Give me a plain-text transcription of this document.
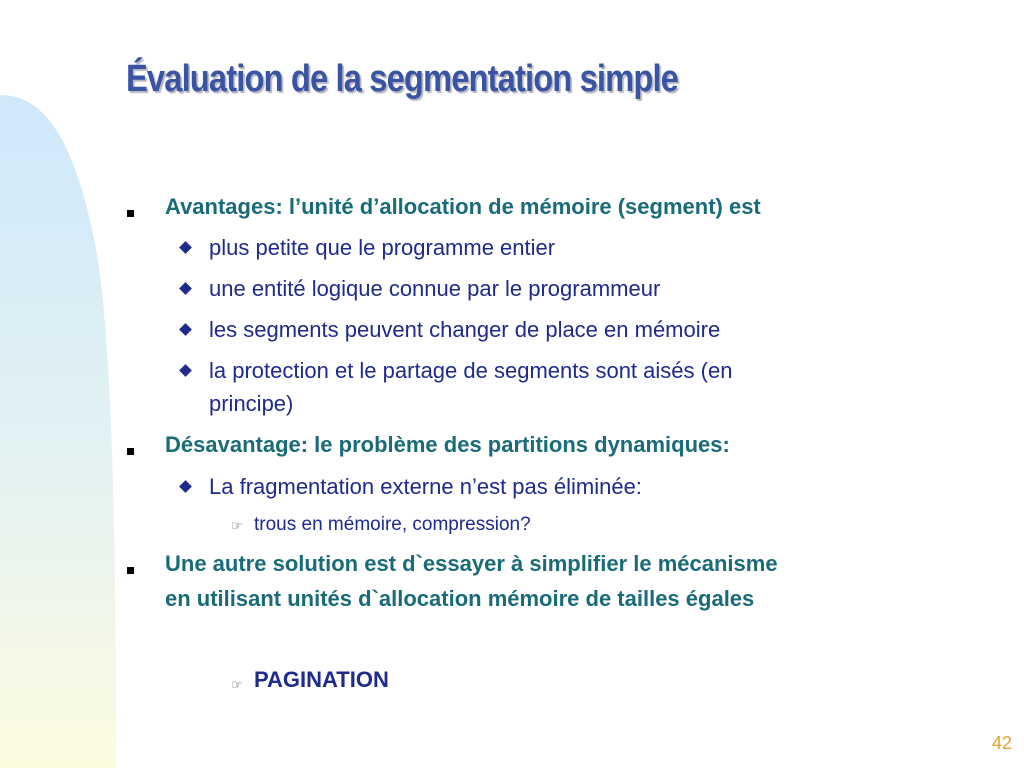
Évaluation de la segmentation simple
Avantages: l’unité d’allocation de mémoire (segment) est
plus petite que le programme entier
une entité logique connue par le programmeur
les segments peuvent changer de place en mémoire
la protection et le partage de segments sont aisés (en
principe)
Désavantage: le problème des partitions dynamiques:
La fragmentation externe n’est pas éliminée:
☞ trous en mémoire, compression?
Une autre solution est d`essayer à simplifier le mécanisme
en utilisant unités d`allocation mémoire de tailles égales
☞ PAGINATION
42
